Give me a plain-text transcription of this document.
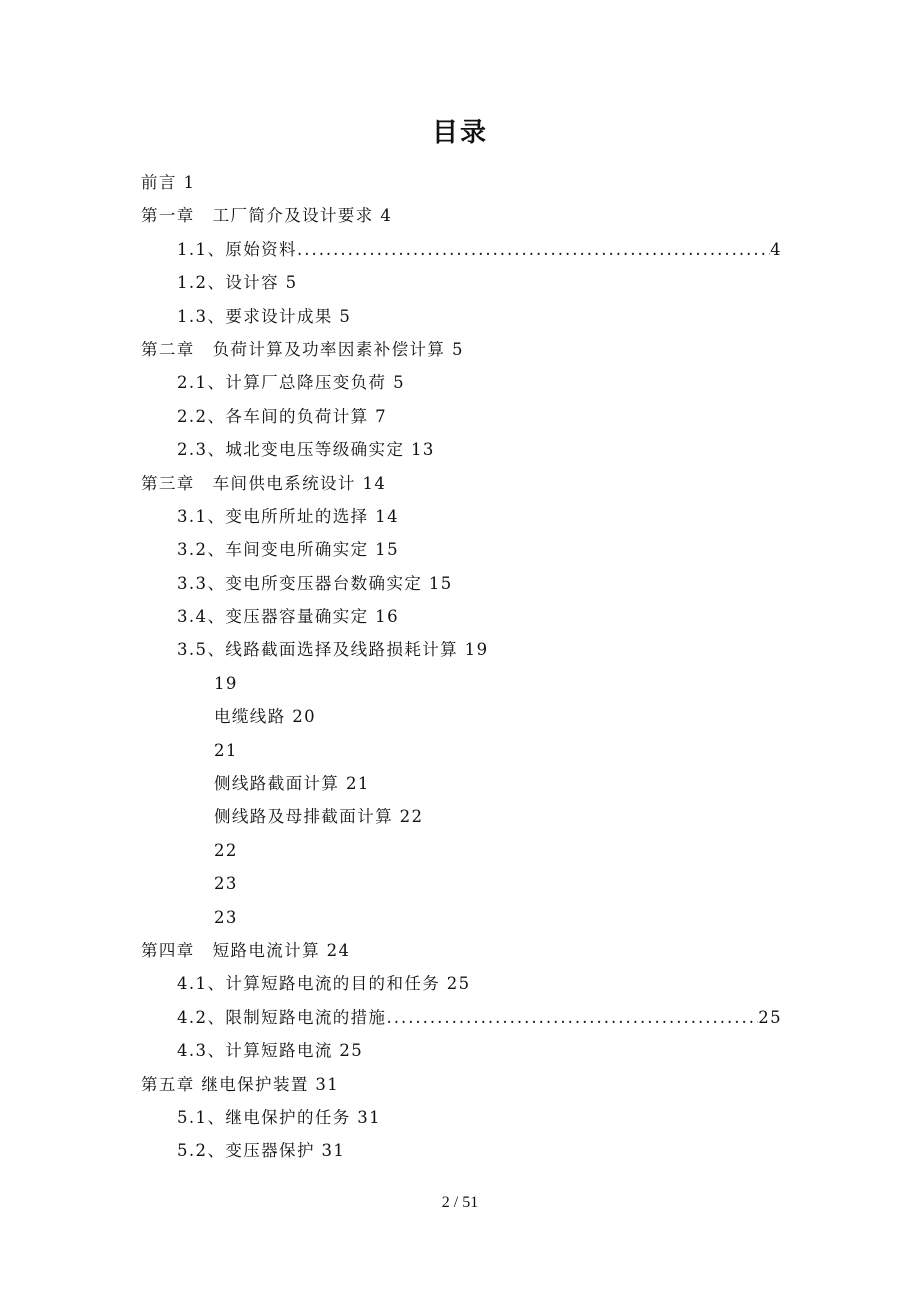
目录
前言 1
第一章　工厂简介及设计要求 4
1.1、原始资料 .....	4
1.2、设计容 5
1.3、要求设计成果 5
第二章　负荷计算及功率因素补偿计算 5
2.1、计算厂总降压变负荷 5
2.2、各车间的负荷计算 7
2.3、城北变电压等级确实定 13
第三章　车间供电系统设计 14
3.1、变电所所址的选择 14
3.2、车间变电所确实定 15
3.3、变电所变压器台数确实定 15
3.4、变压器容量确实定 16
3.5、线路截面选择及线路损耗计算 19
19
电缆线路 20
21
侧线路截面计算 21
侧线路及母排截面计算 22
22
23
23
第四章　短路电流计算 24
4.1、计算短路电流的目的和任务 25
4.2、限制短路电流的措施 .....	25
4.3、计算短路电流 25
第五章 继电保护装置 31
5.1、继电保护的任务 31
5.2、变压器保护 31
2 / 51
